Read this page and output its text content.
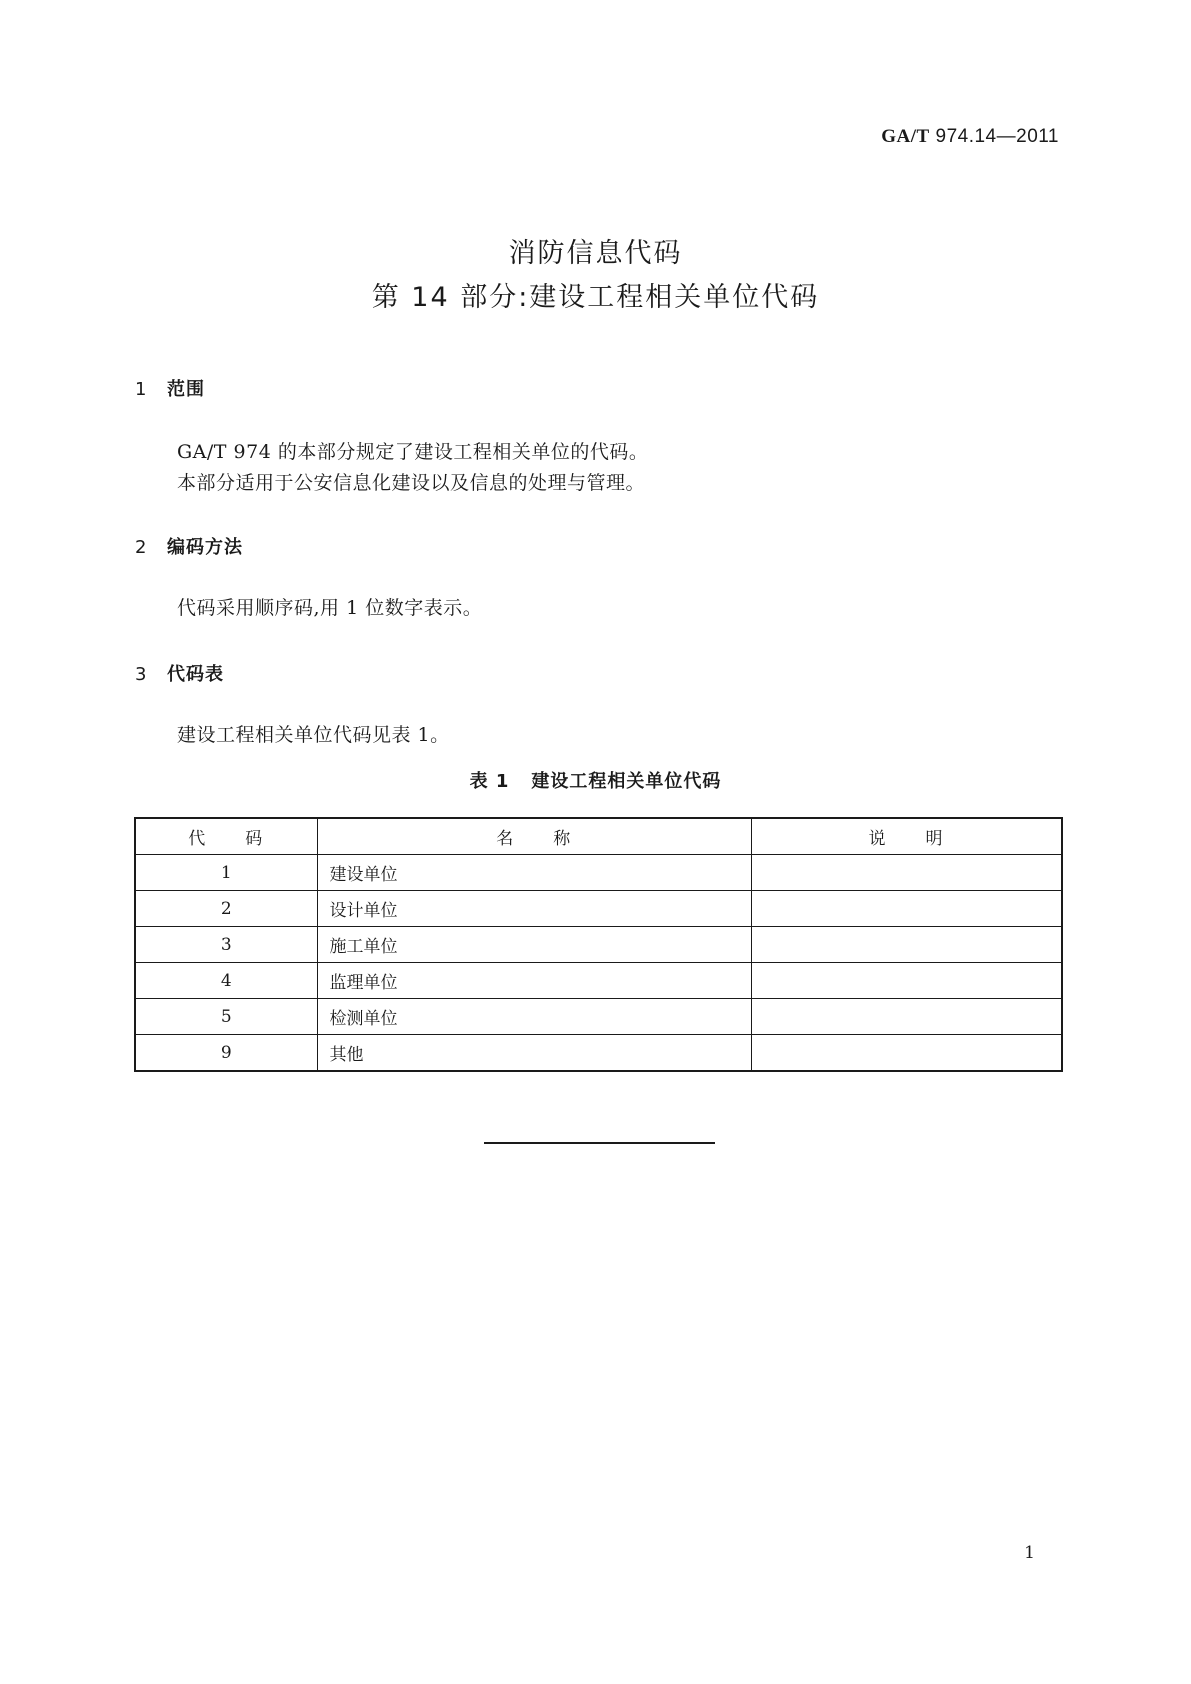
GA/T 974.14—2011
消防信息代码
第 14 部分:建设工程相关单位代码
1 范围
GA/T 974 的本部分规定了建设工程相关单位的代码。
本部分适用于公安信息化建设以及信息的处理与管理。
2 编码方法
代码采用顺序码,用 1 位数字表示。
3 代码表
建设工程相关单位代码见表 1。
表 1 建设工程相关单位代码
代　　码	名　　称	说　　明
1	建设单位	
2	设计单位	
3	施工单位	
4	监理单位	
5	检测单位	
9	其他	
1
